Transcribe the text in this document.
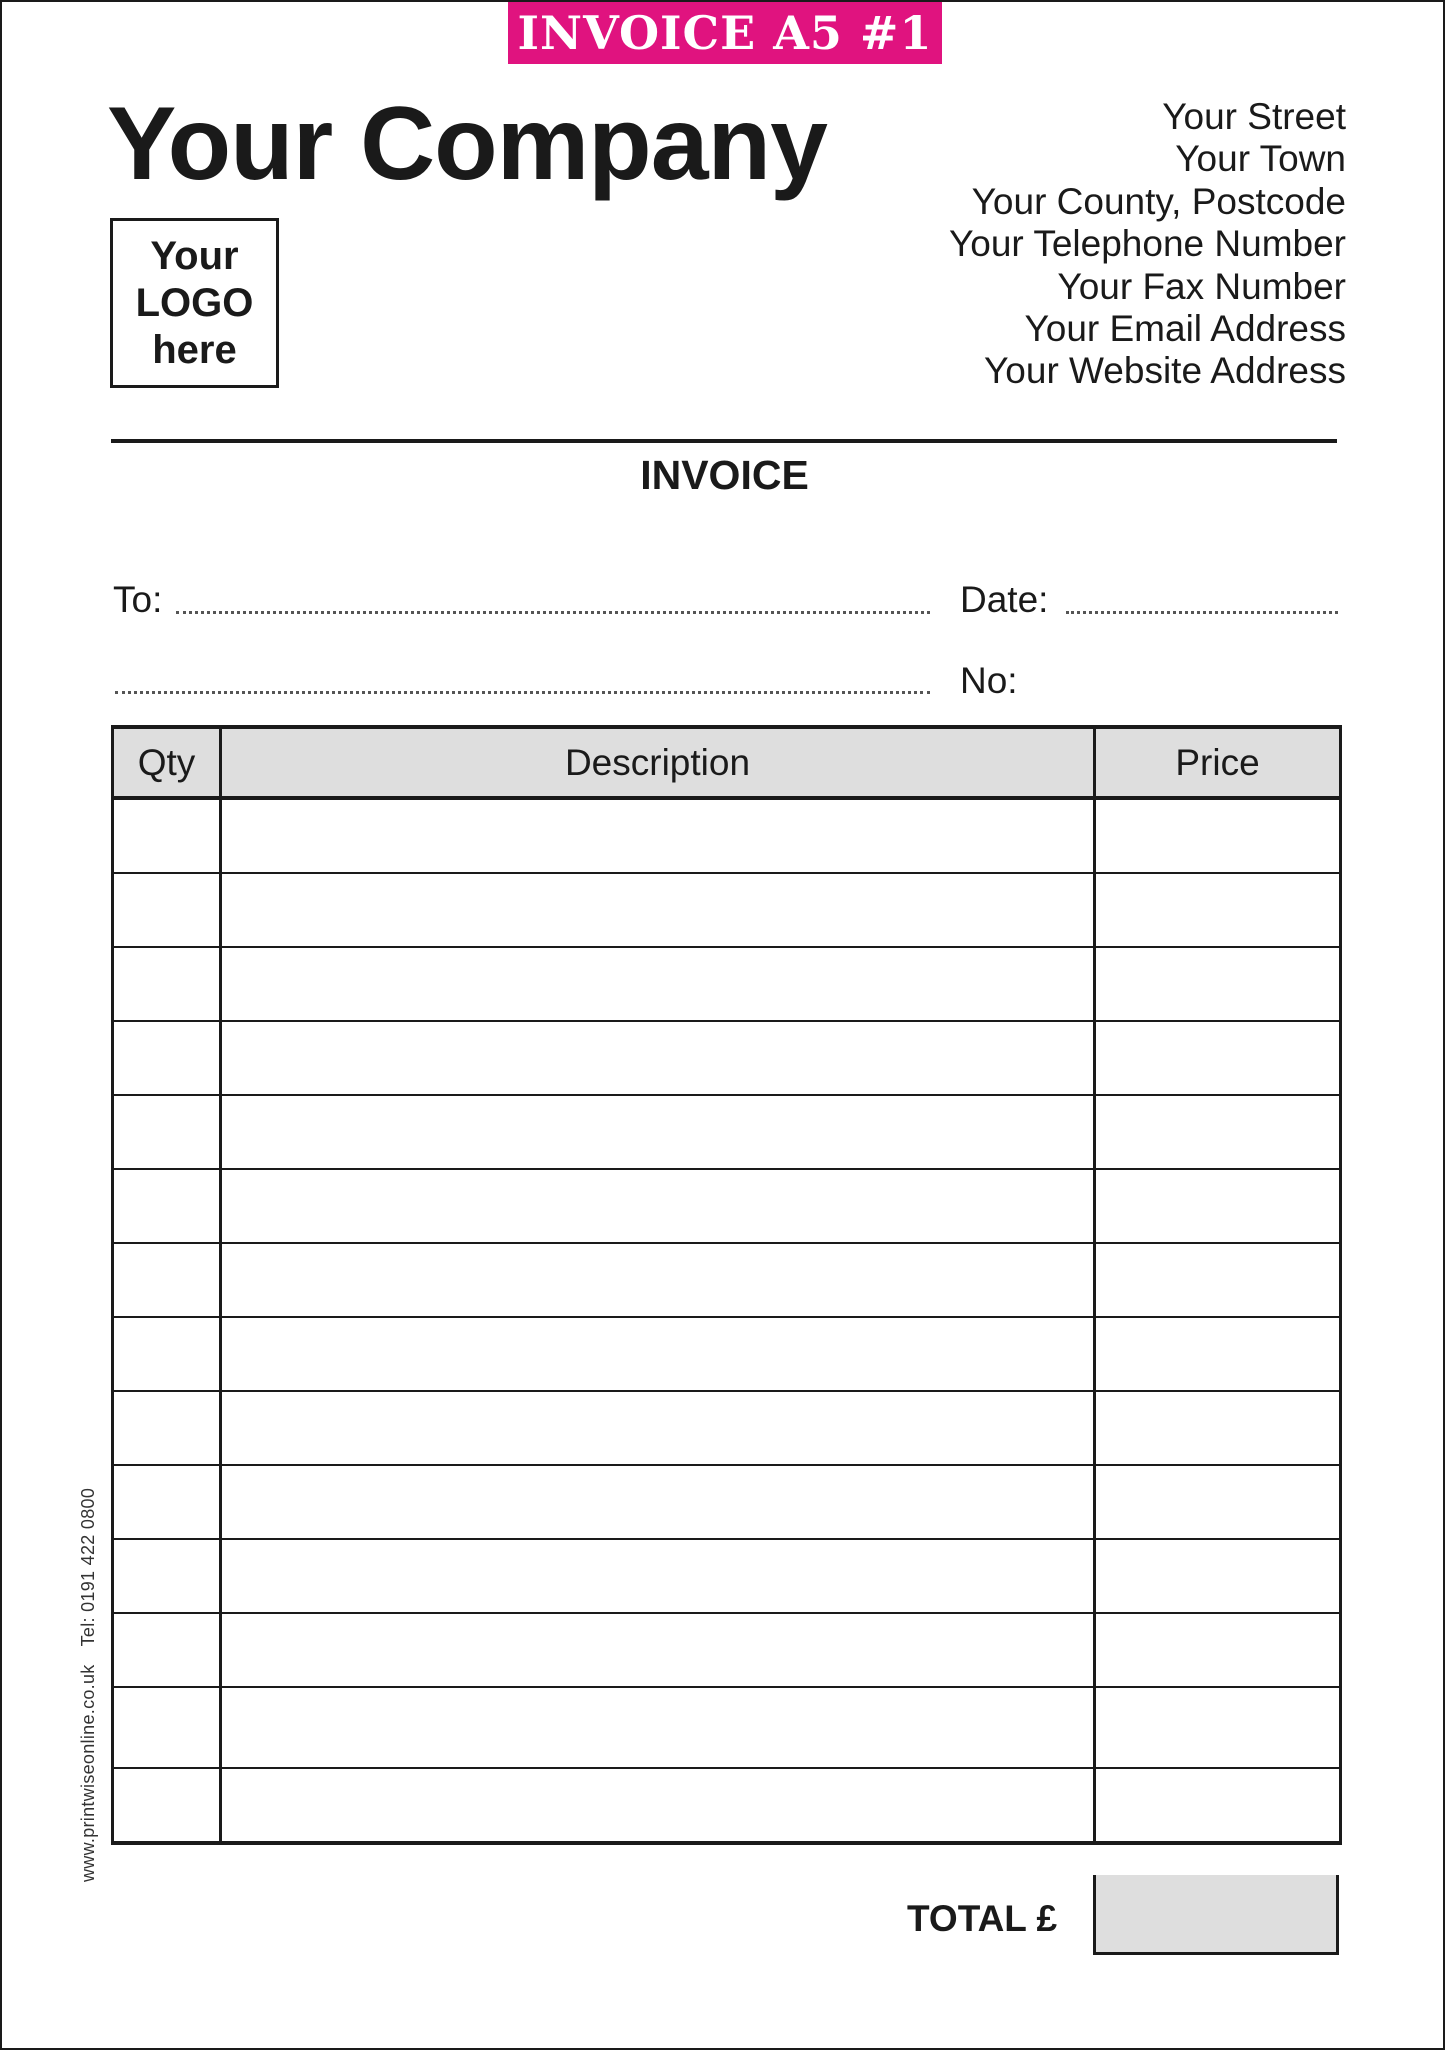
INVOICE A5 #1
Your Company
Your
LOGO
here
Your Street
Your Town
Your County, Postcode
Your Telephone Number
Your Fax Number
Your Email Address
Your Website Address
INVOICE
To:	Date:
No:
Qty	Description	Price

TOTAL £
www.printwiseonline.co.ukTel: 0191 422 0800
